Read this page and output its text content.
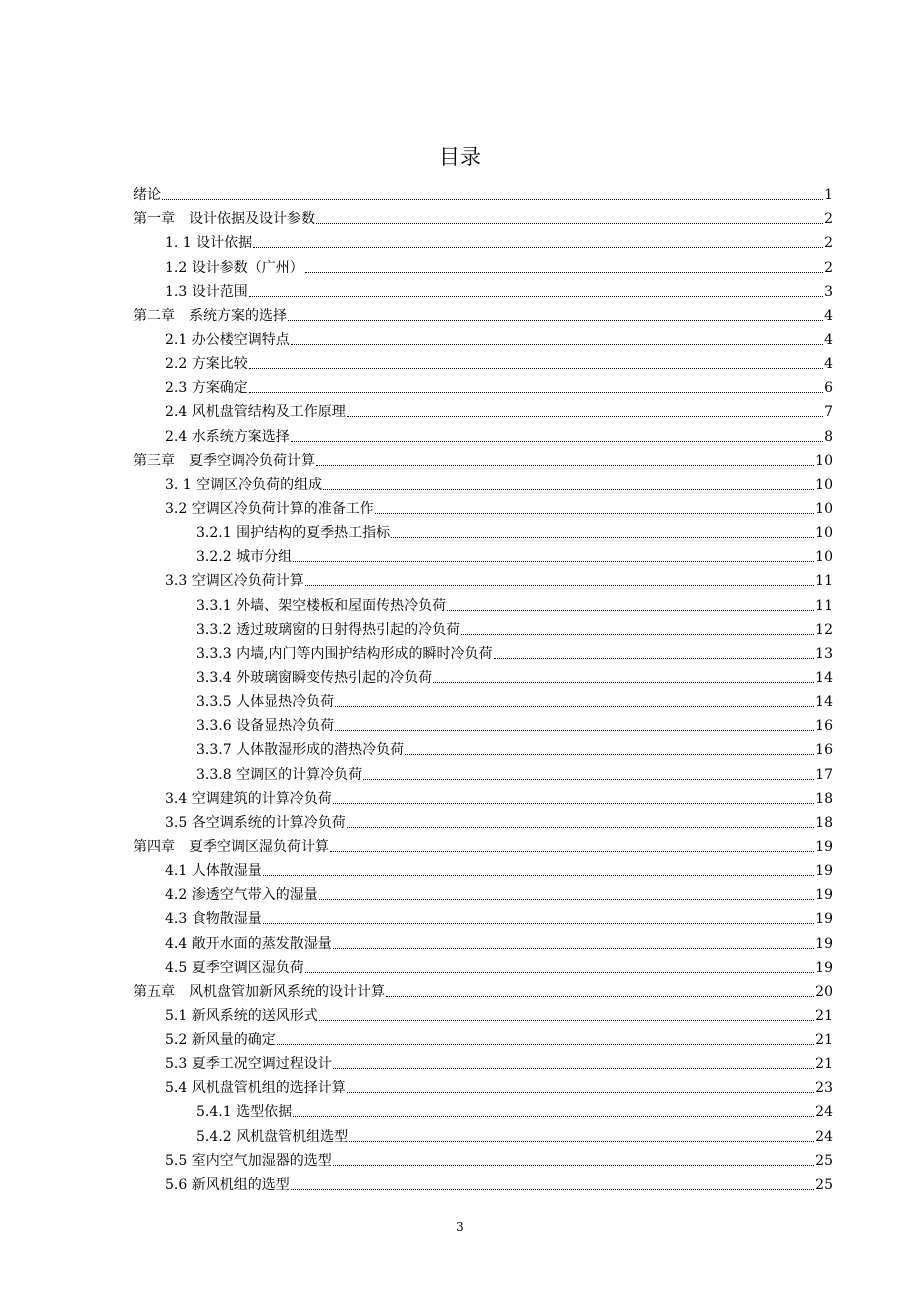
目录
绪论	1
第一章　设计依据及设计参数	2
1. 1 设计依据	2
1.2 设计参数（广州）	2
1.3 设计范围	3
第二章　系统方案的选择	4
2.1 办公楼空调特点	4
2.2 方案比较	4
2.3 方案确定	6
2.4 风机盘管结构及工作原理	7
2.4 水系统方案选择	8
第三章　夏季空调冷负荷计算	10
3. 1 空调区冷负荷的组成	10
3.2 空调区冷负荷计算的准备工作	10
3.2.1 围护结构的夏季热工指标	10
3.2.2 城市分组	10
3.3 空调区冷负荷计算	11
3.3.1 外墙、架空楼板和屋面传热冷负荷	11
3.3.2 透过玻璃窗的日射得热引起的冷负荷	12
3.3.3 内墙,内门等内围护结构形成的瞬时冷负荷	13
3.3.4 外玻璃窗瞬变传热引起的冷负荷	14
3.3.5 人体显热冷负荷	14
3.3.6 设备显热冷负荷	16
3.3.7 人体散湿形成的潜热冷负荷	16
3.3.8 空调区的计算冷负荷	17
3.4 空调建筑的计算冷负荷	18
3.5 各空调系统的计算冷负荷	18
第四章　夏季空调区湿负荷计算	19
4.1 人体散湿量	19
4.2 渗透空气带入的湿量	19
4.3 食物散湿量	19
4.4 敞开水面的蒸发散湿量	19
4.5 夏季空调区湿负荷	19
第五章　风机盘管加新风系统的设计计算	20
5.1 新风系统的送风形式	21
5.2 新风量的确定	21
5.3 夏季工况空调过程设计	21
5.4 风机盘管机组的选择计算	23
5.4.1 选型依据	24
5.4.2 风机盘管机组选型	24
5.5 室内空气加湿器的选型	25
5.6 新风机组的选型	25
3
